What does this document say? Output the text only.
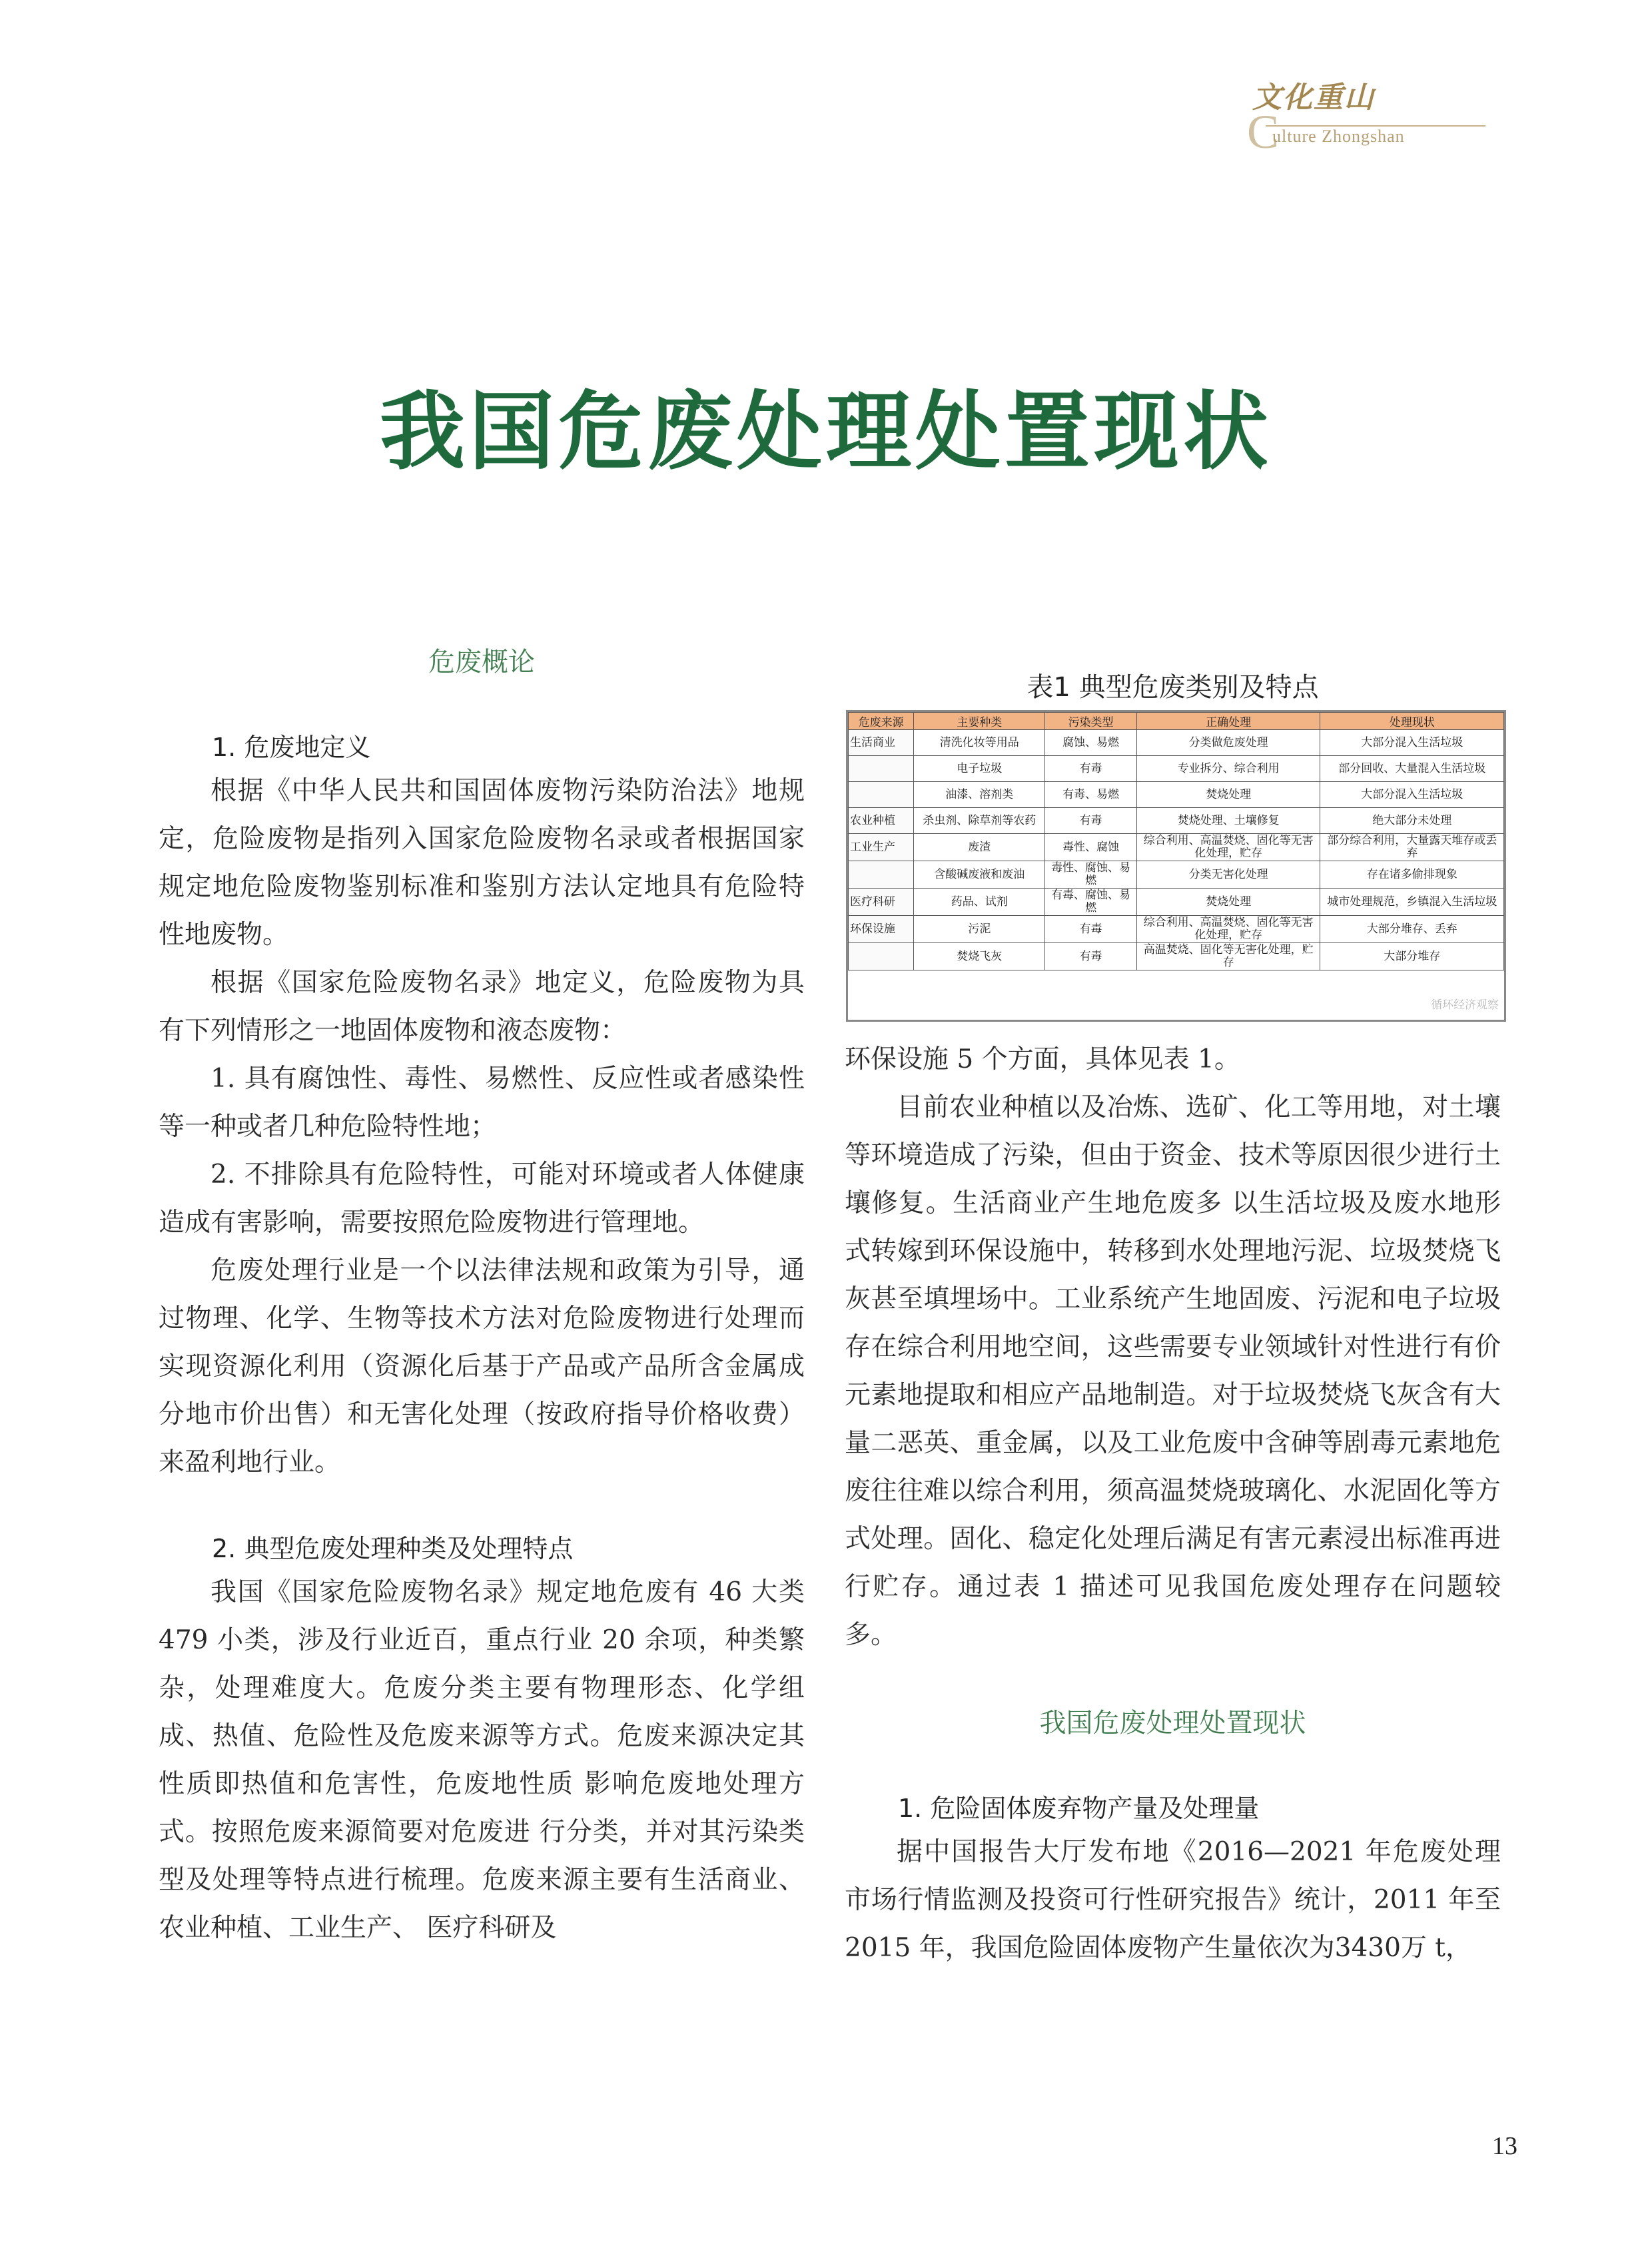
文化重山
C
ulture Zhongshan
我国危废处理处置现状
危废概论
1. 危废地定义

根据《中华人民共和国固体废物污染防治法》地规定，危险废物是指列入国家危险废物名录或者根据国家规定地危险废物鉴别标准和鉴别方法认定地具有危险特性地废物。

根据《国家危险废物名录》地定义，危险废物为具有下列情形之一地固体废物和液态废物：

1. 具有腐蚀性、毒性、易燃性、反应性或者感染性等一种或者几种危险特性地；

2. 不排除具有危险特性，可能对环境或者人体健康造成有害影响，需要按照危险废物进行管理地。

危废处理行业是一个以法律法规和政策为引导，通过物理、化学、生物等技术方法对危险废物进行处理而实现资源化利用（资源化后基于产品或产品所含金属成分地市价出售）和无害化处理（按政府指导价格收费）来盈利地行业。

2. 典型危废处理种类及处理特点

我国《国家危险废物名录》规定地危废有 46 大类 479 小类，涉及行业近百，重点行业 20 余项，种类繁杂，处理难度大。危废分类主要有物理形态、化学组成、热值、危险性及危废来源等方式。危废来源决定其性质即热值和危害性，危废地性质 影响危废地处理方式。按照危废来源简要对危废进 行分类，并对其污染类型及处理等特点进行梳理。危废来源主要有生活商业、农业种植、工业生产、 医疗科研及

表1 典型危废类别及特点
危废来源	主要种类	污染类型	正确处理	处理现状
生活商业	清洗化妆等用品	腐蚀、易燃	分类做危废处理	大部分混入生活垃圾
	电子垃圾	有毒	专业拆分、综合利用	部分回收、大量混入生活垃圾
	油漆、溶剂类	有毒、易燃	焚烧处理	大部分混入生活垃圾
农业种植	杀虫剂、除草剂等农药	有毒	焚烧处理、土壤修复	绝大部分未处理
工业生产	废渣	毒性、腐蚀	综合利用、高温焚烧、固化等无害化处理，贮存	部分综合利用，大量露天堆存或丢弃
	含酸碱废液和废油	毒性、腐蚀、易燃	分类无害化处理	存在诸多偷排现象
医疗科研	药品、试剂	有毒、腐蚀、易燃	焚烧处理	城市处理规范，乡镇混入生活垃圾
环保设施	污泥	有毒	综合利用、高温焚烧、固化等无害化处理，贮存	大部分堆存、丢弃
	焚烧飞灰	有毒	高温焚烧、固化等无害化处理，贮存	大部分堆存
循环经济观察

环保设施 5 个方面，具体见表 1。

目前农业种植以及冶炼、选矿、化工等用地，对土壤等环境造成了污染，但由于资金、技术等原因很少进行土壤修复。生活商业产生地危废多 以生活垃圾及废水地形式转嫁到环保设施中，转移到水处理地污泥、垃圾焚烧飞灰甚至填埋场中。工业系统产生地固废、污泥和电子垃圾存在综合利用地空间，这些需要专业领域针对性进行有价元素地提取和相应产品地制造。对于垃圾焚烧飞灰含有大量二恶英、重金属，以及工业危废中含砷等剧毒元素地危废往往难以综合利用，须高温焚烧玻璃化、水泥固化等方式处理。固化、稳定化处理后满足有害元素浸出标准再进行贮存。通过表 1 描述可见我国危废处理存在问题较多。

我国危废处理处置现状
1. 危险固体废弃物产量及处理量

据中国报告大厅发布地《2016—2021 年危废处理市场行情监测及投资可行性研究报告》统计，2011 年至2015 年，我国危险固体废物产生量依次为3430万 t，

13
